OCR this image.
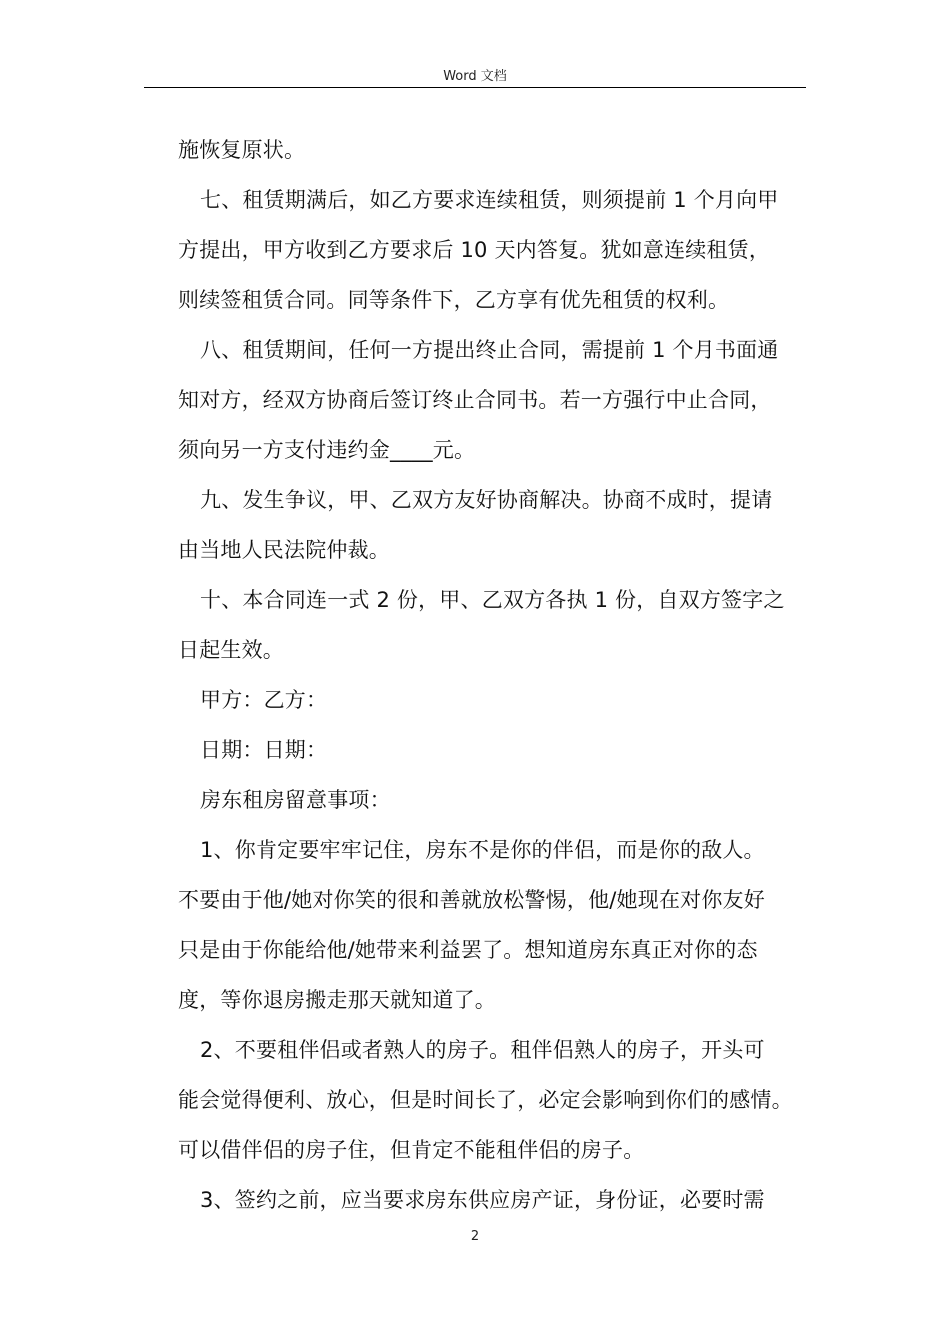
Word 文档
施恢复原状。
七、租赁期满后，如乙方要求连续租赁，则须提前 1 个月向甲
方提出，甲方收到乙方要求后 10 天内答复。犹如意连续租赁，
则续签租赁合同。同等条件下，乙方享有优先租赁的权利。
八、租赁期间，任何一方提出终止合同，需提前 1 个月书面通
知对方，经双方协商后签订终止合同书。若一方强行中止合同，
须向另一方支付违约金____元。
九、发生争议，甲、乙双方友好协商解决。协商不成时，提请
由当地人民法院仲裁。
十、本合同连一式 2 份，甲、乙双方各执 1 份，自双方签字之
日起生效。
甲方：乙方：
日期：日期：
房东租房留意事项：
1、你肯定要牢牢记住，房东不是你的伴侣，而是你的敌人。
不要由于他/她对你笑的很和善就放松警惕，他/她现在对你友好
只是由于你能给他/她带来利益罢了。想知道房东真正对你的态
度，等你退房搬走那天就知道了。
2、不要租伴侣或者熟人的房子。租伴侣熟人的房子，开头可
能会觉得便利、放心，但是时间长了，必定会影响到你们的感情。
可以借伴侣的房子住，但肯定不能租伴侣的房子。
3、签约之前，应当要求房东供应房产证，身份证，必要时需
2
